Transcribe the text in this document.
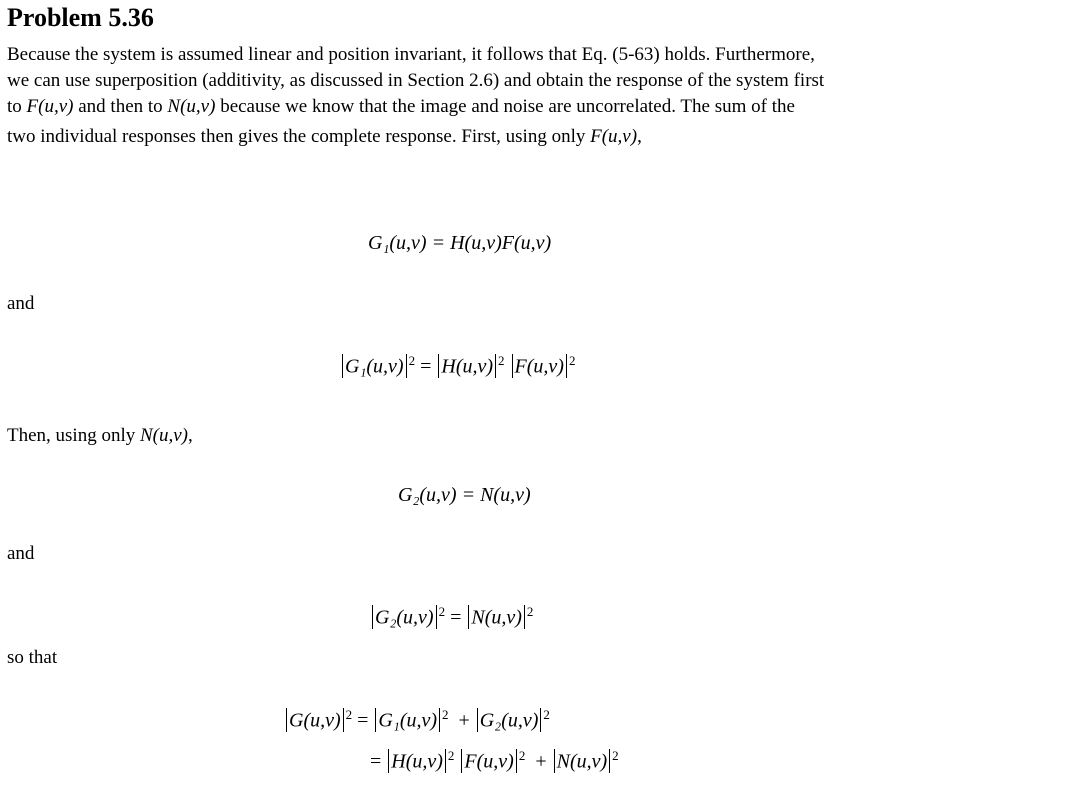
Problem 5.36
Because the system is assumed linear and position invariant, it follows that Eq. (5-63) holds. Furthermore,
we can use superposition (additivity, as discussed in Section 2.6) and obtain the response of the system first
to F(u,v) and then to N(u,v) because we know that the image and noise are uncorrelated. The sum of the
two individual responses then gives the complete response. First, using only F(u,v),
G₁(u,v) = H(u,v)F(u,v)
and
G₁(u,v) $^2$ = H(u,v) $^2$ F(u,v) $^2$
Then, using only N(u,v),
G₂(u,v) = N(u,v)
and
G₂(u,v) $^2$ = N(u,v) $^2$
so that
G(u,v) $^2$ = G₁(u,v) $^2$ + G₂(u,v) $^2$
= H(u,v) $^2$ F(u,v) $^2$ + N(u,v) $^2$
